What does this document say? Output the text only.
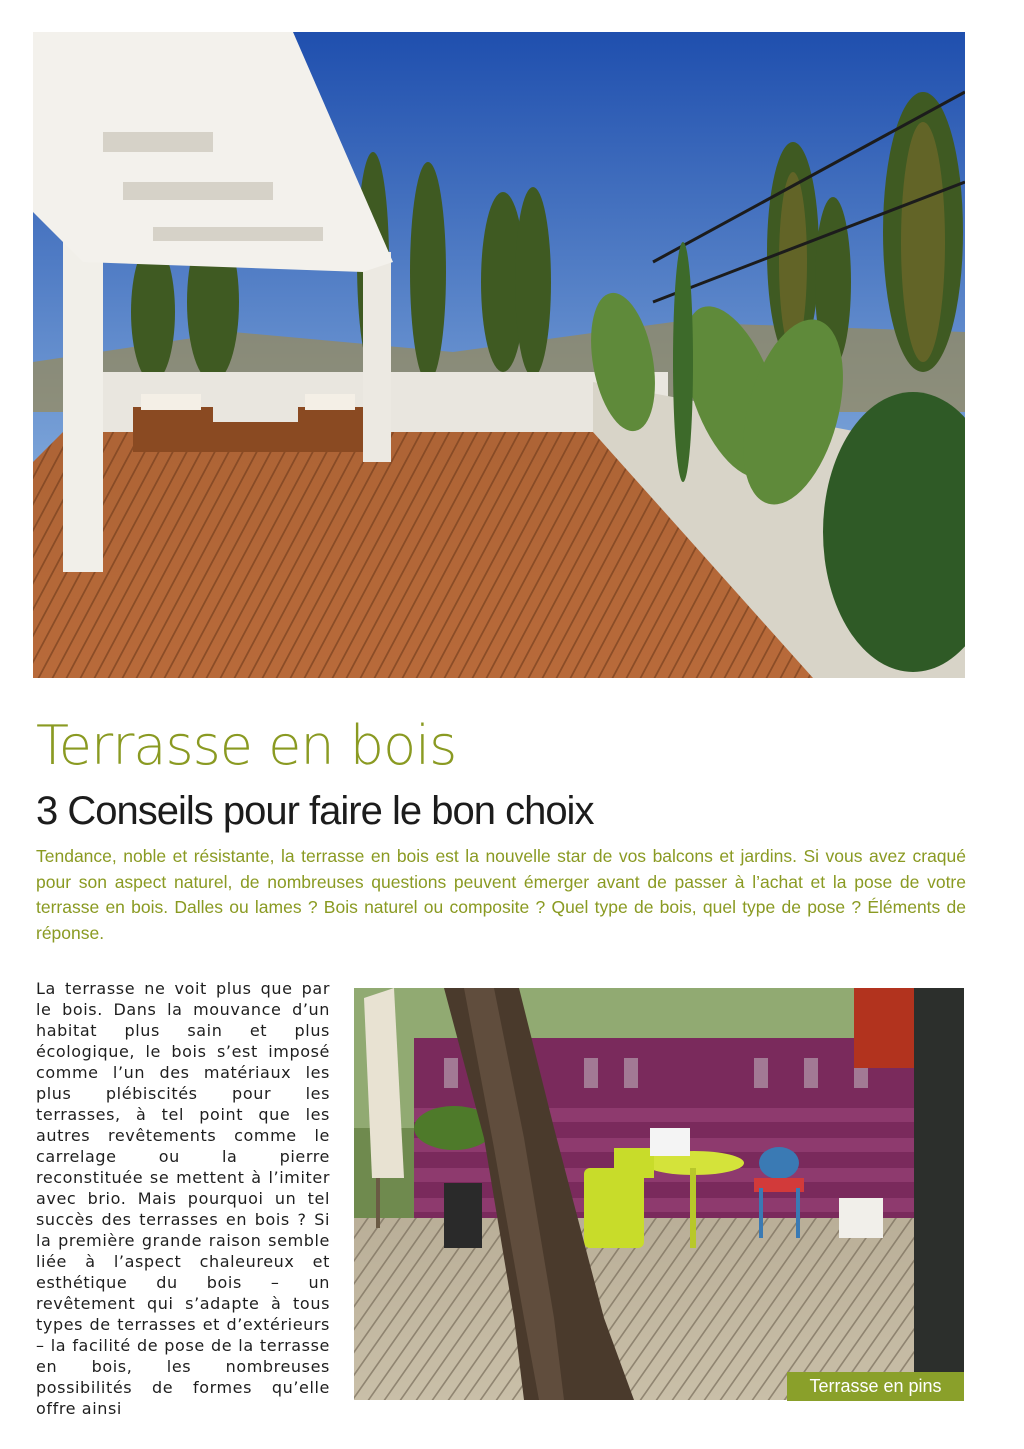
Terrasse en bois
3 Conseils pour faire le bon choix

Tendance, noble et résistante, la terrasse en bois est la nouvelle star de vos balcons et jardins. Si vous avez craqué pour son aspect naturel, de nombreuses questions peuvent émerger avant de passer à l’achat et la pose de votre terrasse en bois. Dalles ou lames ? Bois naturel ou composite ? Quel type de bois, quel type de pose ? Éléments de réponse.

La terrasse ne voit plus que par le bois. Dans la mouvance d’un habitat plus sain et plus écologique, le bois s’est imposé comme l’un des matériaux les plus plébiscités pour les terrasses, à tel point que les autres revêtements comme le carrelage ou la pierre reconstituée se mettent à l’imiter avec brio. Mais pourquoi un tel succès des terrasses en bois ? Si la première grande raison semble liée à l’aspect chaleureux et esthétique du bois – un revêtement qui s’adapte à tous types de terrasses et d’extérieurs – la facilité de pose de la terrasse en bois, les nombreuses possibilités de formes qu’elle offre ainsi

Terrasse en pins
